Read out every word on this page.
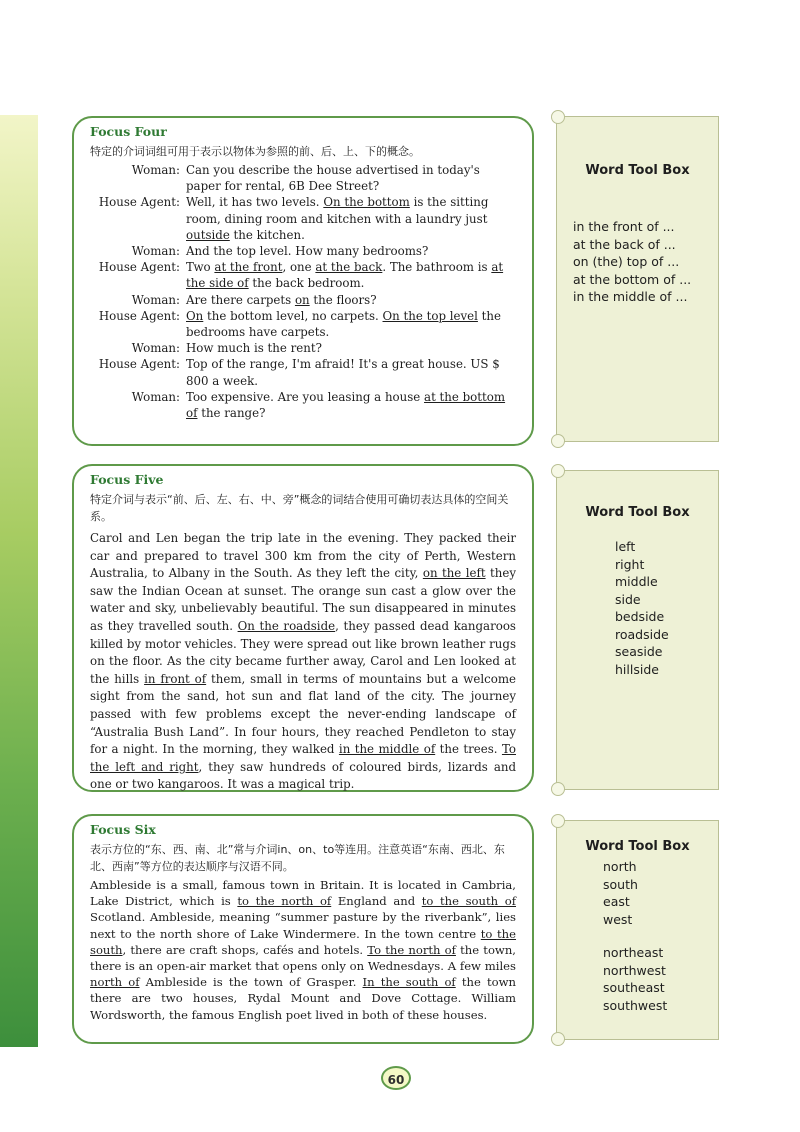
Focus Four
特定的介词词组可用于表示以物体为参照的前、后、上、下的概念。
Woman:	Can you describe the house advertised in today's paper for rental, 6B Dee Street?
House Agent:	Well, it has two levels. On the bottom is the sitting room, dining room and kitchen with a laundry just outside the kitchen.
Woman:	And the top level. How many bedrooms?
House Agent:	Two at the front, one at the back. The bathroom is at the side of the back bedroom.
Woman:	Are there carpets on the floors?
House Agent:	On the bottom level, no carpets. On the top level the bedrooms have carpets.
Woman:	How much is the rent?
House Agent:	Top of the range, I'm afraid! It's a great house. US $ 800 a week.
Woman:	Too expensive. Are you leasing a house at the bottom of the range?
Word Tool Box
in the front of ...
at the back of ...
on (the) top of ...
at the bottom of ...
in the middle of ...
Focus Five
特定介词与表示“前、后、左、右、中、旁”概念的词结合使用可确切表达具体的空间关系。

Carol and Len began the trip late in the evening. They packed their car and prepared to travel 300 km from the city of Perth, Western Australia, to Albany in the South. As they left the city, on the left they saw the Indian Ocean at sunset. The orange sun cast a glow over the water and sky, unbelievably beautiful. The sun disappeared in minutes as they travelled south. On the roadside, they passed dead kangaroos killed by motor vehicles. They were spread out like brown leather rugs on the floor. As the city became further away, Carol and Len looked at the hills in front of them, small in terms of mountains but a welcome sight from the sand, hot sun and flat land of the city. The journey passed with few problems except the never-ending landscape of “Australia Bush Land”. In four hours, they reached Pendleton to stay for a night. In the morning, they walked in the middle of the trees. To the left and right, they saw hundreds of coloured birds, lizards and one or two kangaroos. It was a magical trip.

Word Tool Box
left
right
middle
side
bedside
roadside
seaside
hillside
Focus Six
表示方位的“东、西、南、北”常与介词in、on、to等连用。注意英语“东南、西北、东北、西南”等方位的表达顺序与汉语不同。

Ambleside is a small, famous town in Britain. It is located in Cambria, Lake District, which is to the north of England and to the south of Scotland. Ambleside, meaning “summer pasture by the riverbank”, lies next to the north shore of Lake Windermere. In the town centre to the south, there are craft shops, cafés and hotels. To the north of the town, there is an open-air market that opens only on Wednesdays. A few miles north of Ambleside is the town of Grasper. In the south of the town there are two houses, Rydal Mount and Dove Cottage. William Wordsworth, the famous English poet lived in both of these houses.

Word Tool Box
north
south
east
west
northeast
northwest
southeast
southwest
60
